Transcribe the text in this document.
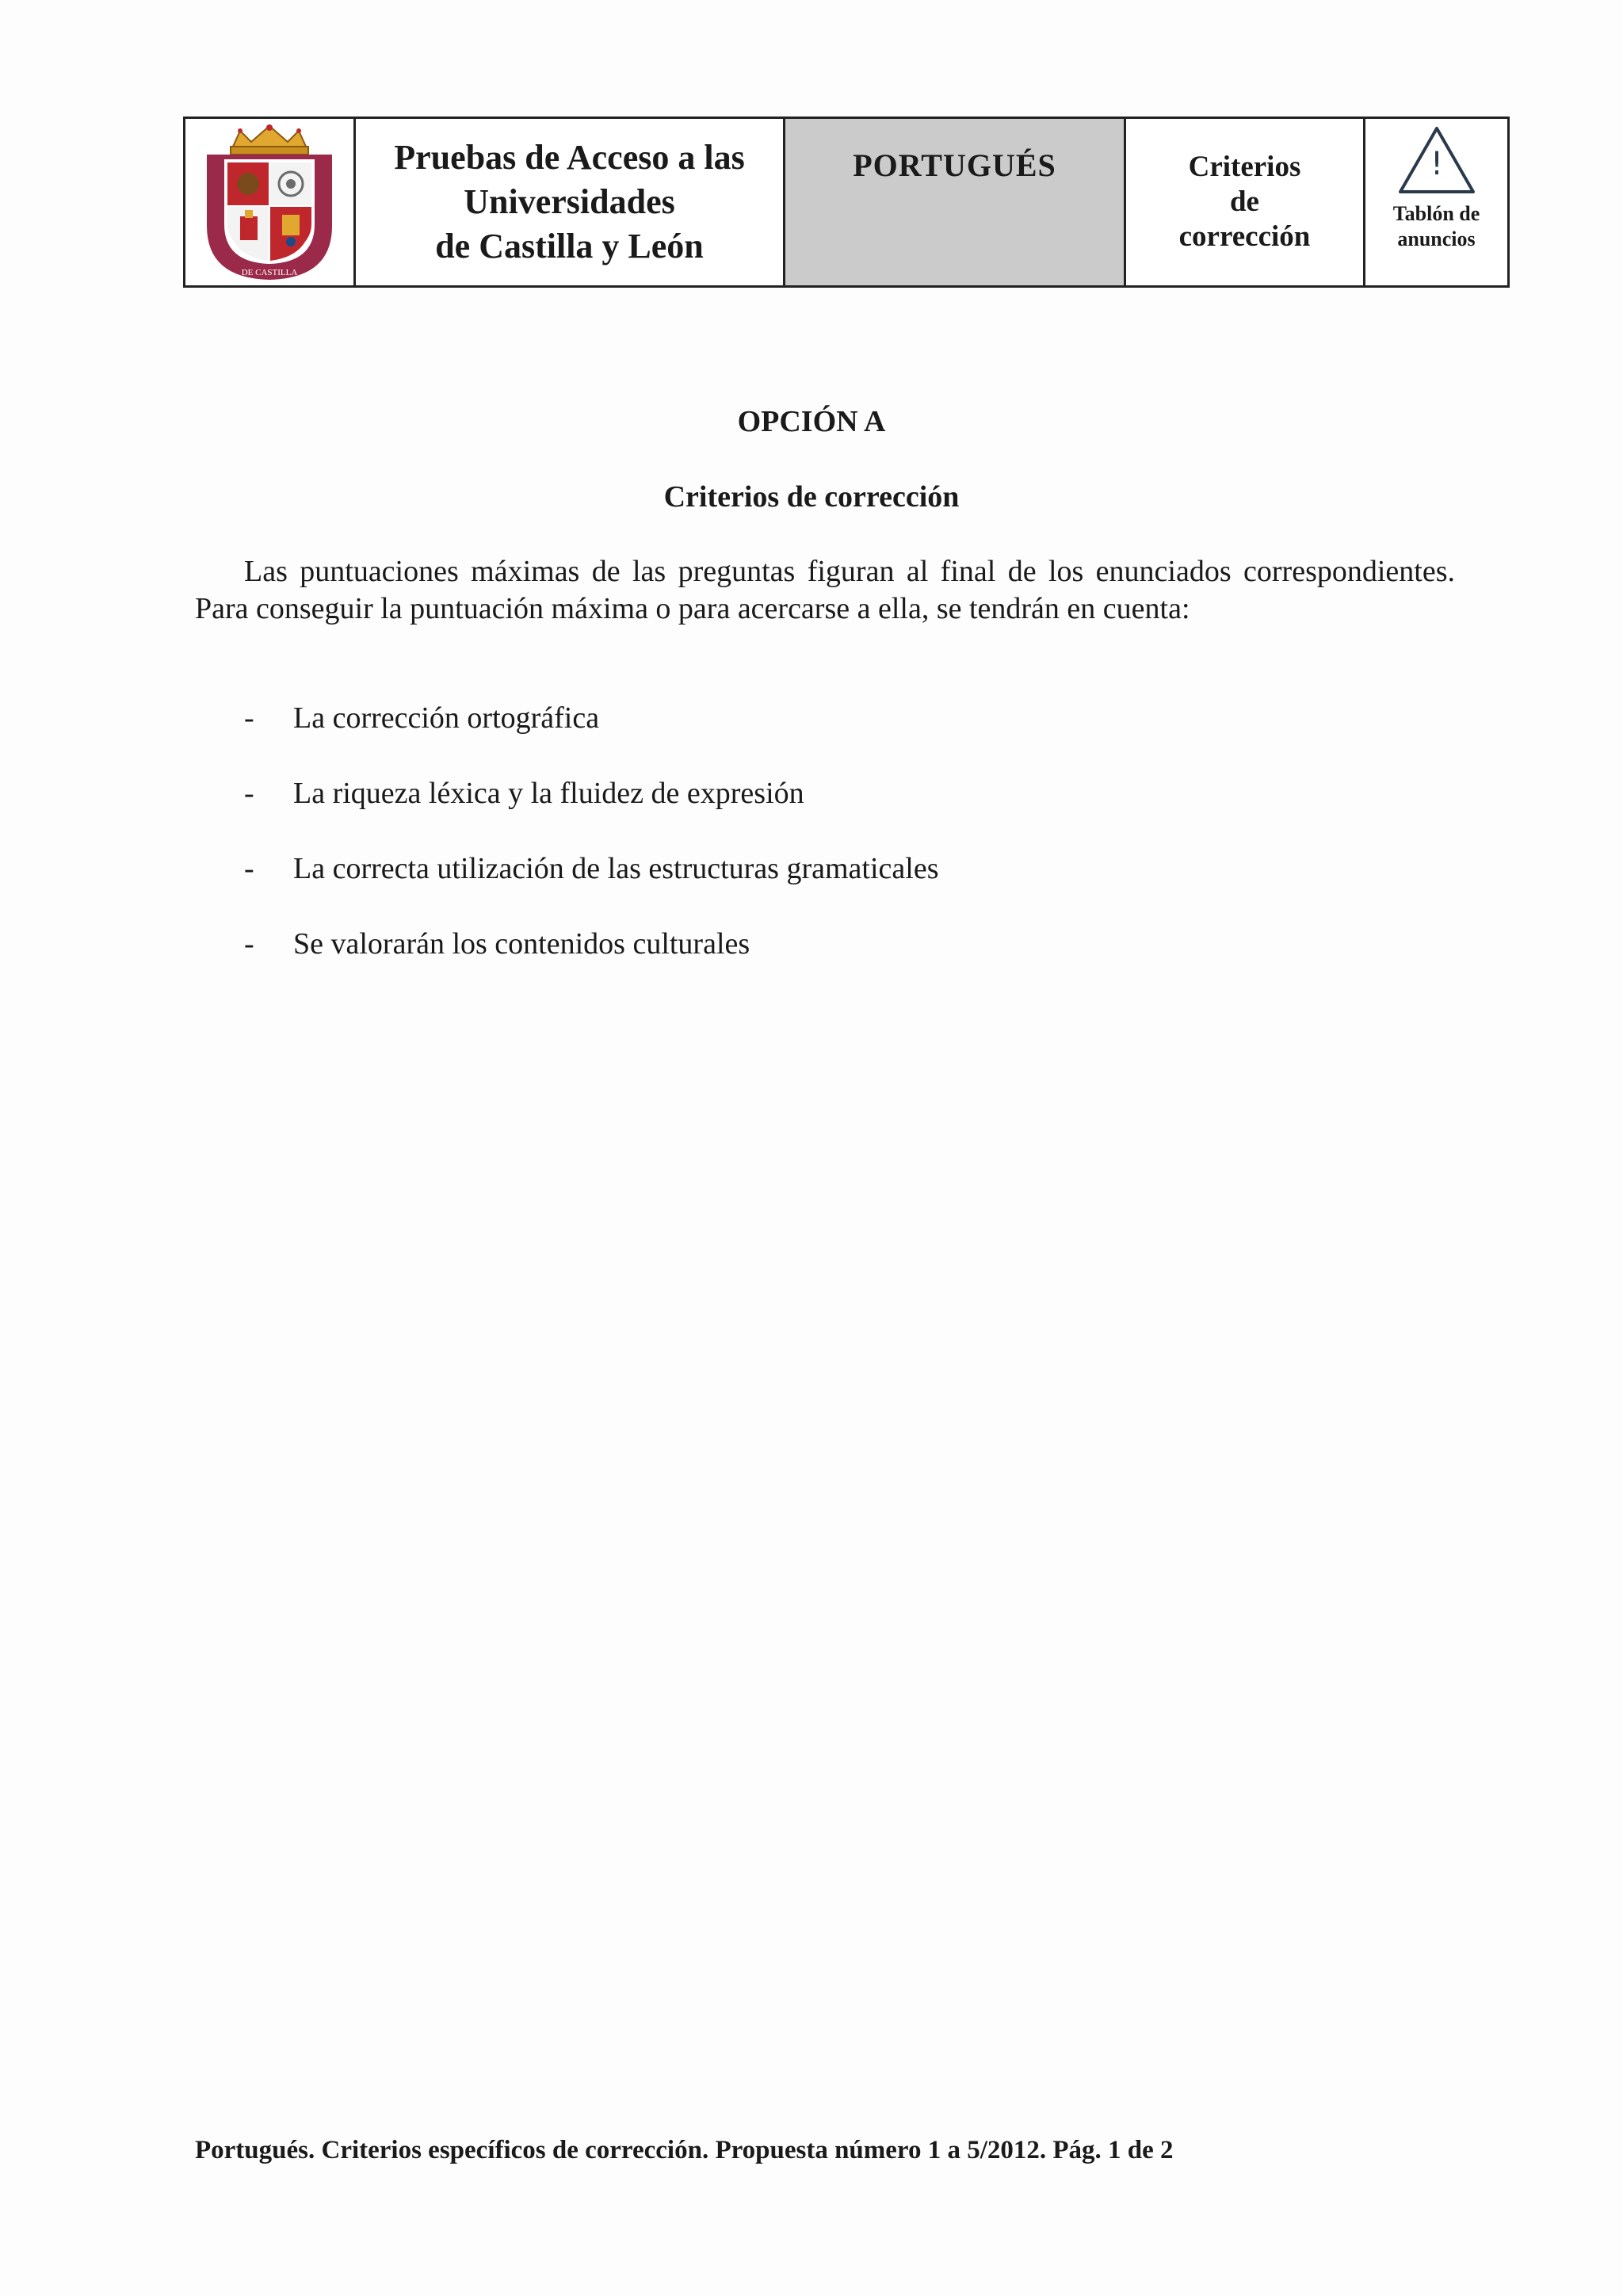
DE CASTILLA
Pruebas de Acceso a las
Universidades
de Castilla y León
PORTUGUÉS	Criterios
de
corrección
!
Tablón de
anuncios
OPCIÓN A
Criterios de corrección

Las puntuaciones máximas de las preguntas figuran al final de los enunciados correspondientes. Para conseguir la puntuación máxima o para acercarse a ella, se tendrán en cuenta:

- La corrección ortográfica
- La riqueza léxica y la fluidez de expresión
- La correcta utilización de las estructuras gramaticales
- Se valorarán los contenidos culturales
Portugués. Criterios específicos de corrección. Propuesta número 1 a 5/2012. Pág. 1 de 2
